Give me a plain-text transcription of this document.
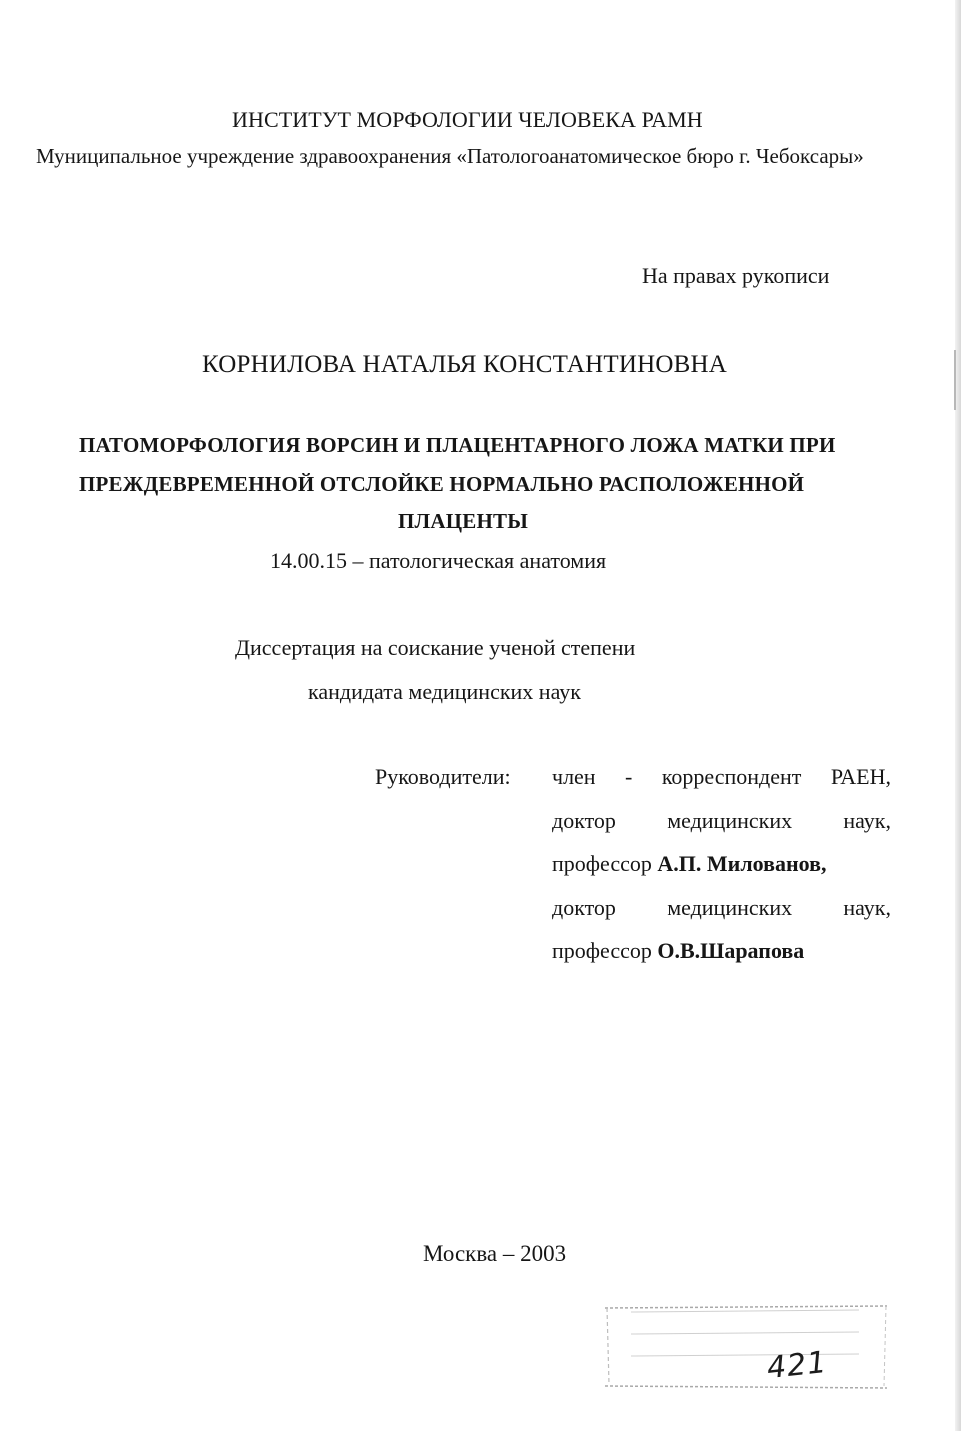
ИНСТИТУТ МОРФОЛОГИИ ЧЕЛОВЕКА РАМН
Муниципальное учреждение здравоохранения «Патологоанатомическое бюро г. Чебоксары»
На правах рукописи
КОРНИЛОВА НАТАЛЬЯ КОНСТАНТИНОВНА
ПАТОМОРФОЛОГИЯ ВОРСИН И ПЛАЦЕНТАРНОГО ЛОЖА МАТКИ ПРИ
ПРЕЖДЕВРЕМЕННОЙ ОТСЛОЙКЕ НОРМАЛЬНО РАСПОЛОЖЕННОЙ
ПЛАЦЕНТЫ
14.00.15 – патологическая анатомия
Диссертация на соискание ученой степени
кандидата медицинских наук
Руководители: член - корреспондент РАЕН,
доктор медицинских наук,
профессор А.П. Милованов,
доктор медицинских наук,
профессор О.В.Шарапова
Москва – 2003
421
